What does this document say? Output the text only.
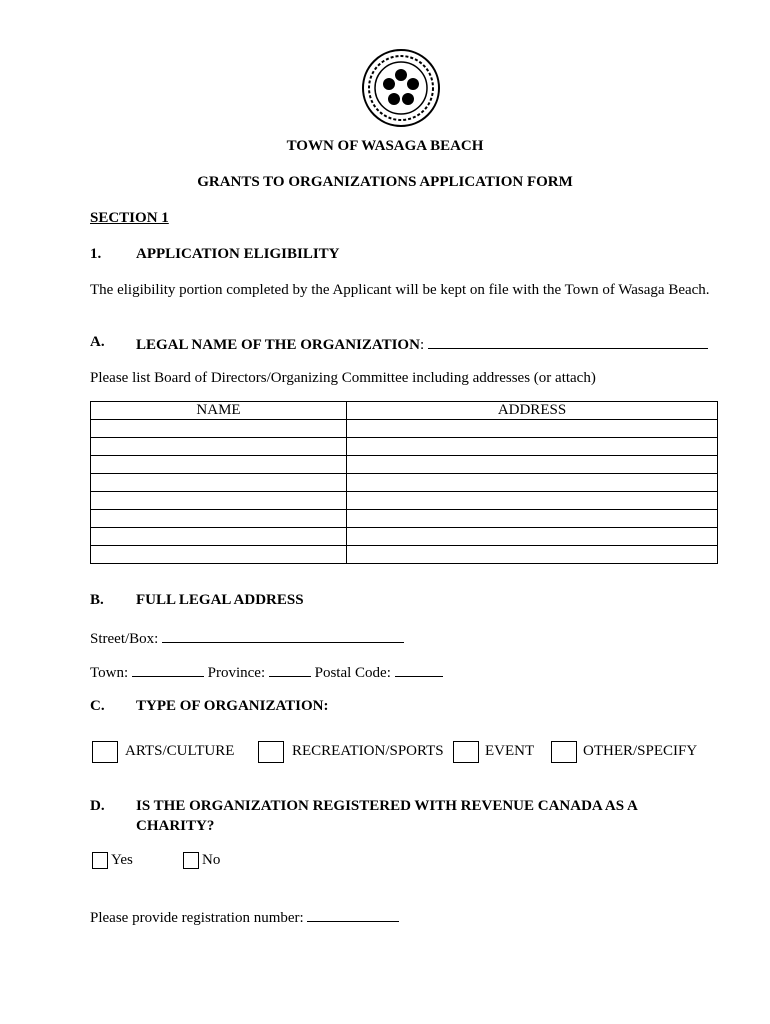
TOWN OF WASAGA BEACH
GRANTS TO ORGANIZATIONS APPLICATION FORM
SECTION 1
1. APPLICATION ELIGIBILITY
The eligibility portion completed by the Applicant will be kept on file with the Town of Wasaga Beach.
A. LEGAL NAME OF THE ORGANIZATION:
Please list Board of Directors/Organizing Committee including addresses (or attach)
NAME	ADDRESS

B. FULL LEGAL ADDRESS
Street/Box:
Town:	Province:	Postal Code:
C. TYPE OF ORGANIZATION:
ARTS/CULTURE	RECREATION/SPORTS	EVENT	OTHER/SPECIFY
D. IS THE ORGANIZATION REGISTERED WITH REVENUE CANADA AS A
CHARITY?
Yes	No
Please provide registration number:
